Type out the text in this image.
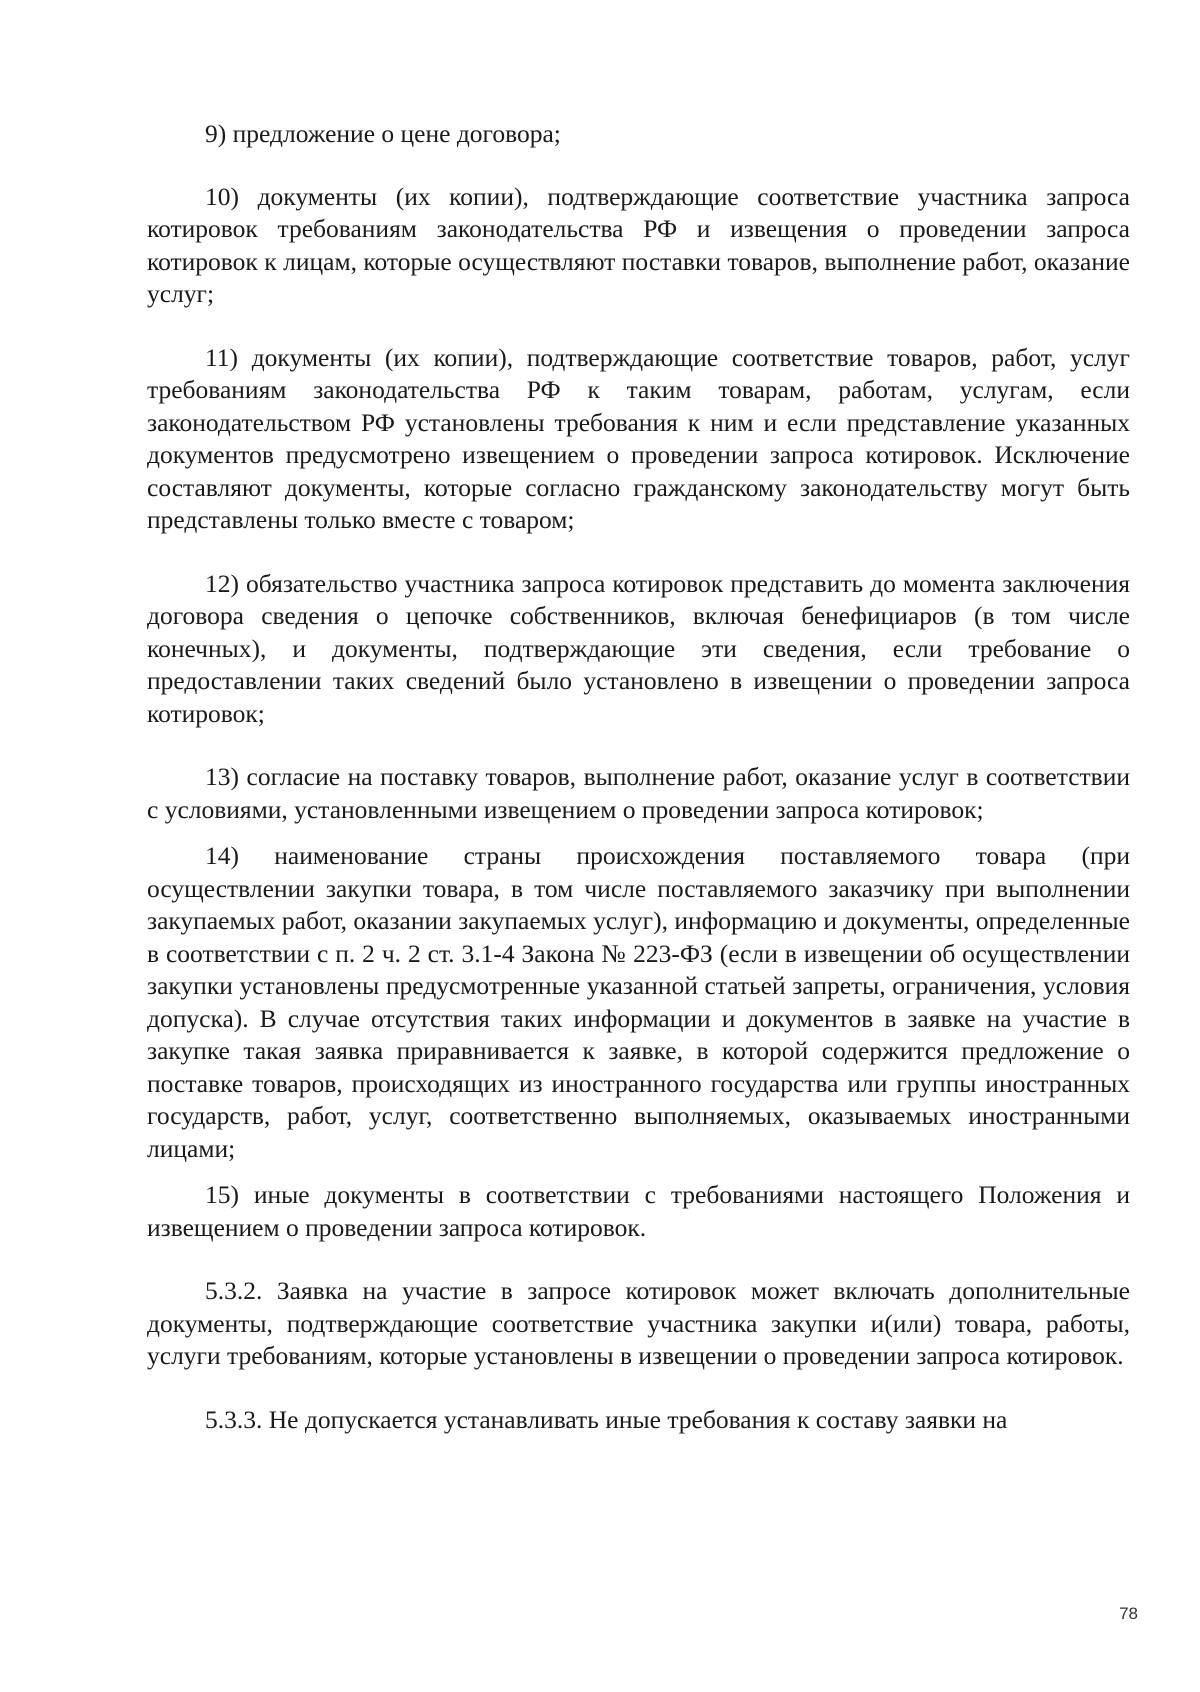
9) предложение о цене договора;

10) документы (их копии), подтверждающие соответствие участника запроса котировок требованиям законодательства РФ и извещения о проведении запроса котировок к лицам, которые осуществляют поставки товаров, выполнение работ, оказание услуг;

11) документы (их копии), подтверждающие соответствие товаров, работ, услуг требованиям законодательства РФ к таким товарам, работам, услугам, если законодательством РФ установлены требования к ним и если представление указанных документов предусмотрено извещением о проведении запроса котировок. Исключение составляют документы, которые согласно гражданскому законодательству могут быть представлены только вместе с товаром;

12) обязательство участника запроса котировок представить до момента заключения договора сведения о цепочке собственников, включая бенефициаров (в том числе конечных), и документы, подтверждающие эти сведения, если требование о предоставлении таких сведений было установлено в извещении о проведении запроса котировок;

13) согласие на поставку товаров, выполнение работ, оказание услуг в соответствии с условиями, установленными извещением о проведении запроса котировок;

14) наименование страны происхождения поставляемого товара (при осуществлении закупки товара, в том числе поставляемого заказчику при выполнении закупаемых работ, оказании закупаемых услуг), информацию и документы, определенные в соответствии с п. 2 ч. 2 ст. 3.1-4 Закона № 223-ФЗ (если в извещении об осуществлении закупки установлены предусмотренные указанной статьей запреты, ограничения, условия допуска). В случае отсутствия таких информации и документов в заявке на участие в закупке такая заявка приравнивается к заявке, в которой содержится предложение о поставке товаров, происходящих из иностранного государства или группы иностранных государств, работ, услуг, соответственно выполняемых, оказываемых иностранными лицами;

15) иные документы в соответствии с требованиями настоящего Положения и извещением о проведении запроса котировок.

5.3.2. Заявка на участие в запросе котировок может включать дополнительные документы, подтверждающие соответствие участника закупки и(или) товара, работы, услуги требованиям, которые установлены в извещении о проведении запроса котировок.

5.3.3. Не допускается устанавливать иные требования к составу заявки на

78
